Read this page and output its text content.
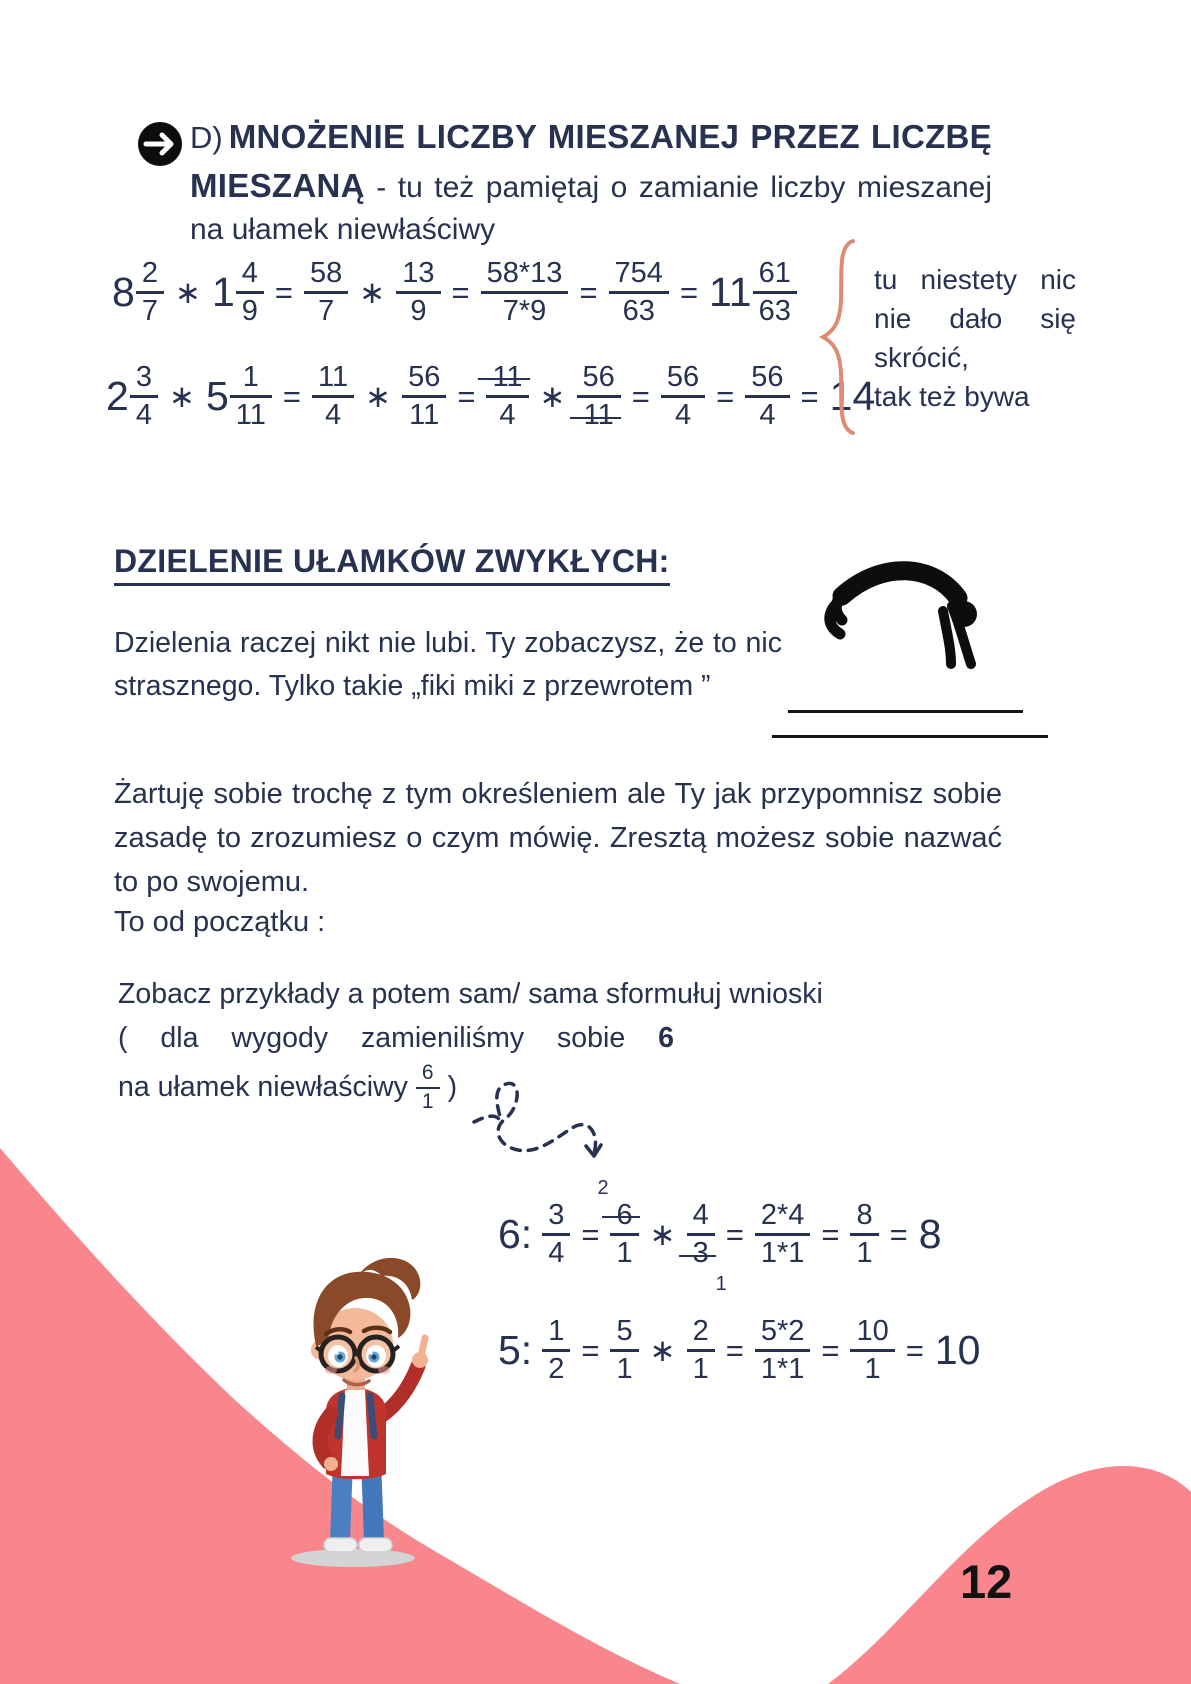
D) MNOŻENIE LICZBY MIESZANEJ PRZEZ LICZBĘ
MIESZANĄ - tu też pamiętaj o zamianie liczby mieszanej
na ułamek niewłaściwy
$8 \frac{2}{7}$ ∗ $1 \frac{4}{9} = \frac{58}{7}$ ∗ $\frac{13}{9} = \frac{58*13}{7*9} = \frac{754}{63} = 11 \frac{61}{63}$
$2 \frac{3}{4}$ ∗ $5 \frac{1}{11} = \frac{11}{4}$ ∗ $\frac{56}{11} = \frac{11}{4}$ ∗ $\frac{56}{11} = \frac{56}{4} = \frac{56}{4} = 14$
tu niestety nic
nie dało się
skrócić,
tak też bywa
DZIELENIE UŁAMKÓW ZWYKŁYCH:
Dzielenia raczej nikt nie lubi. Ty zobaczysz, że to nic strasznego. Tylko takie „fiki miki z przewrotem ”
Żartuję sobie trochę z tym określeniem ale Ty jak przypomnisz sobie zasadę to zrozumiesz o czym mówię. Zresztą możesz sobie nazwać to po swojemu.
To od początku :
Zobacz przykłady a potem sam/ sama sformułuj wnioski
( dla wygody zamieniliśmy sobie 6
na ułamek niewłaściwy $\frac{6}{1}$ )
6: $\frac{3}{4}$ =
6
1
2
∗
4
3
1
= $\frac{2*4}{1*1} = \frac{8}{1} = 8$
5: $\frac{1}{2} = \frac{5}{1}$ ∗ $\frac{2}{1} = \frac{5*2}{1*1} = \frac{10}{1} = 10$
12
